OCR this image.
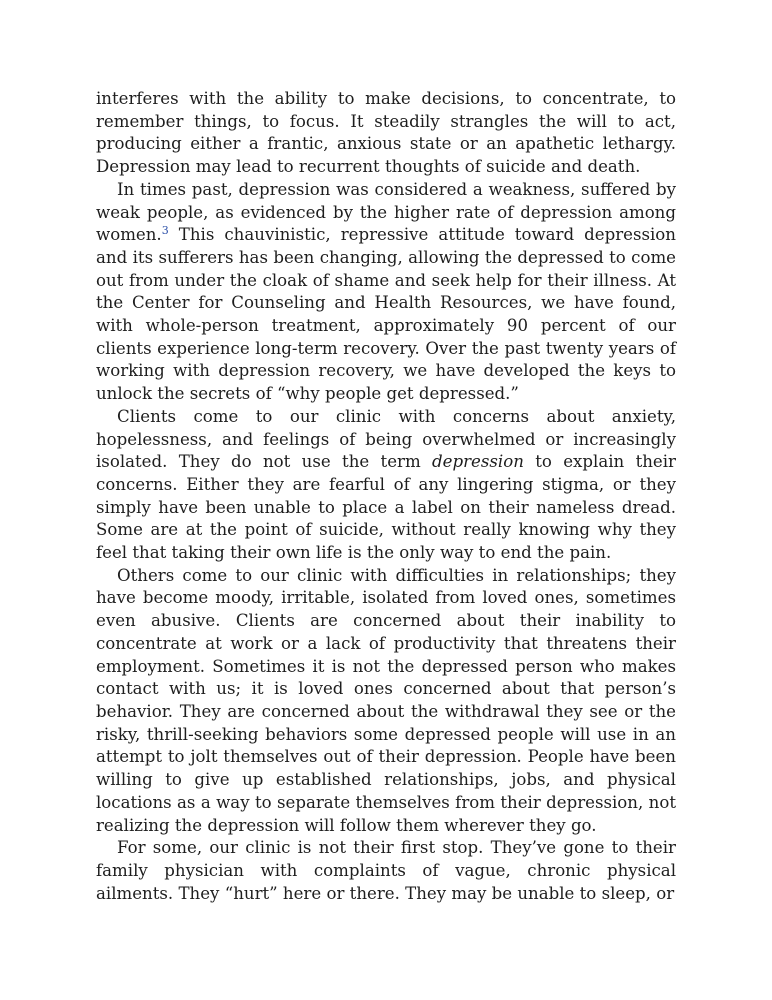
interferes with the ability to make decisions, to concentrate, to remember things, to focus. It steadily strangles the will to act, producing either a frantic, anxious state or an apathetic lethargy. Depression may lead to recurrent thoughts of suicide and death.

In times past, depression was considered a weakness, suffered by weak people, as evidenced by the higher rate of depression among women.$^3$ This chauvinistic, repressive attitude toward depression and its sufferers has been changing, allowing the depressed to come out from under the cloak of shame and seek help for their illness. At the Center for Counseling and Health Resources, we have found, with whole-person treatment, approximately 90 percent of our clients experience long-term recovery. Over the past twenty years of working with depression recovery, we have developed the keys to unlock the secrets of “why people get depressed.”

Clients come to our clinic with concerns about anxiety, hopelessness, and feelings of being overwhelmed or increasingly isolated. They do not use the term depression to explain their concerns. Either they are fearful of any lingering stigma, or they simply have been unable to place a label on their nameless dread. Some are at the point of suicide, without really knowing why they feel that taking their own life is the only way to end the pain.

Others come to our clinic with difficulties in relationships; they have become moody, irritable, isolated from loved ones, sometimes even abusive. Clients are concerned about their inability to concentrate at work or a lack of productivity that threatens their employment. Sometimes it is not the depressed person who makes contact with us; it is loved ones concerned about that person’s behavior. They are concerned about the withdrawal they see or the risky, thrill-seeking behaviors some depressed people will use in an attempt to jolt themselves out of their depression. People have been willing to give up established relationships, jobs, and physical locations as a way to separate themselves from their depression, not realizing the depression will follow them wherever they go.

For some, our clinic is not their first stop. They’ve gone to their family physician with complaints of vague, chronic physical ailments. They “hurt” here or there. They may be unable to sleep, or
